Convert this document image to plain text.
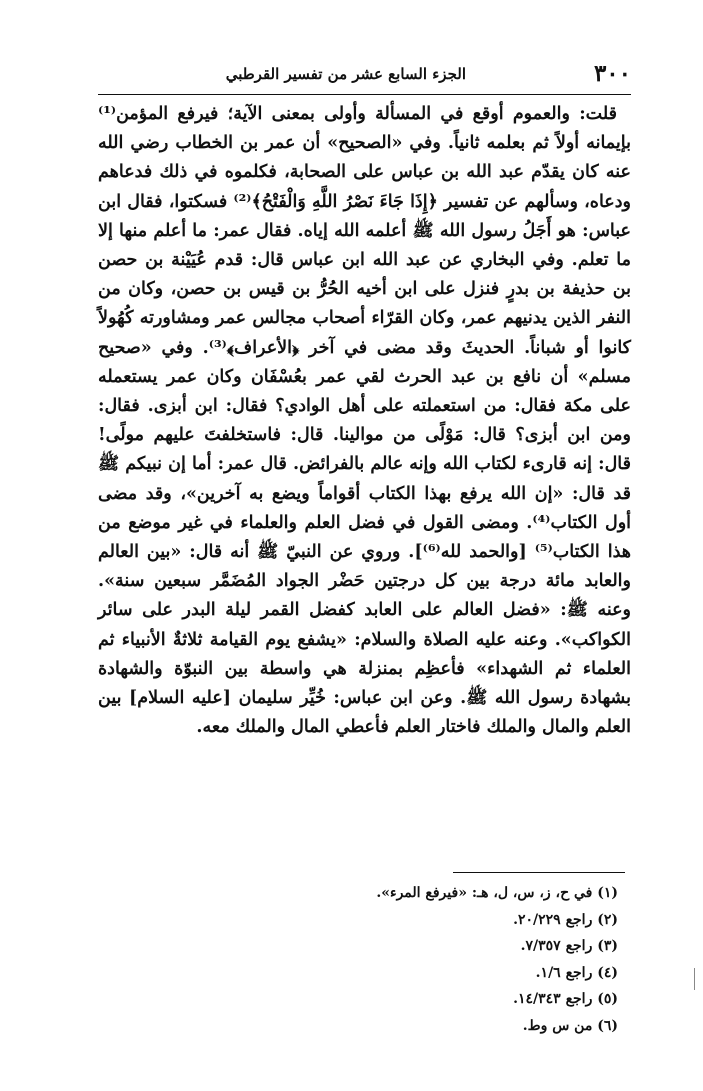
٣٠٠
الجزء السابع عشر من تفسير القرطبي

قلت: والعموم أوقع في المسألة وأولى بمعنى الآية؛ فيرفع المؤمن⁽¹⁾ بإيمانه أولاً ثم بعلمه ثانياً. وفي «الصحيح» أن عمر بن الخطاب رضي الله عنه كان يقدّم عبد الله بن عباس على الصحابة، فكلموه في ذلك فدعاهم ودعاه، وسألهم عن تفسير ﴿إِذَا جَاءَ نَصْرُ اللَّهِ وَالْفَتْحُ﴾⁽²⁾ فسكتوا، فقال ابن عباس: هو أَجَلُ رسول الله ﷺ أعلمه الله إياه. فقال عمر: ما أعلم منها إلا ما تعلم. وفي البخاري عن عبد الله ابن عباس قال: قدم عُيَيْنة بن حصن بن حذيفة بن بدرٍ فنزل على ابن أخيه الحُرُّ بن قيس بن حصن، وكان من النفر الذين يدنيهم عمر، وكان القرّاء أصحاب مجالس عمر ومشاورته كُهُولاً كانوا أو شباناً. الحديثَ وقد مضى في آخر ﴿الأعراف﴾⁽³⁾. وفي «صحيح مسلم» أن نافع بن عبد الحرث لقي عمر بعُسْفَان وكان عمر يستعمله على مكة فقال: من استعملته على أهل الوادي؟ فقال: ابن أبزى. فقال: ومن ابن أبزى؟ قال: مَوْلًى من موالينا. قال: فاستخلفتَ عليهم مولًى! قال: إنه قارىء لكتاب الله وإنه عالم بالفرائض. قال عمر: أما إن نبيكم ﷺ قد قال: «إن الله يرفع بهذا الكتاب أقواماً ويضع به آخرين»، وقد مضى أول الكتاب⁽⁴⁾. ومضى القول في فضل العلم والعلماء في غير موضع من هذا الكتاب⁽⁵⁾ [والحمد لله⁽⁶⁾]. وروي عن النبيّ ﷺ أنه قال: «بين العالم والعابد مائة درجة بين كل درجتين حَضْر الجواد المُضَمَّر سبعين سنة». وعنه ﷺ: «فضل العالم على العابد كفضل القمر ليلة البدر على سائر الكواكب». وعنه عليه الصلاة والسلام: «يشفع يوم القيامة ثلاثةٌ الأنبياء ثم العلماء ثم الشهداء» فأعظِم بمنزلة هي واسطة بين النبوّة والشهادة بشهادة رسول الله ﷺ. وعن ابن عباس: خُيِّر سليمان [عليه السلام] بين العلم والمال والملك فاختار العلم فأعطي المال والملك معه.

(١) في ح، ز، س، ل، هـ: «فيرفع المرء».
(٢) راجع ٢٠/٢٢٩.
(٣) راجع ٧/٣٥٧.
(٤) راجع ١/٦.
(٥) راجع ١٤/٣٤٣.
(٦) من س وط.
